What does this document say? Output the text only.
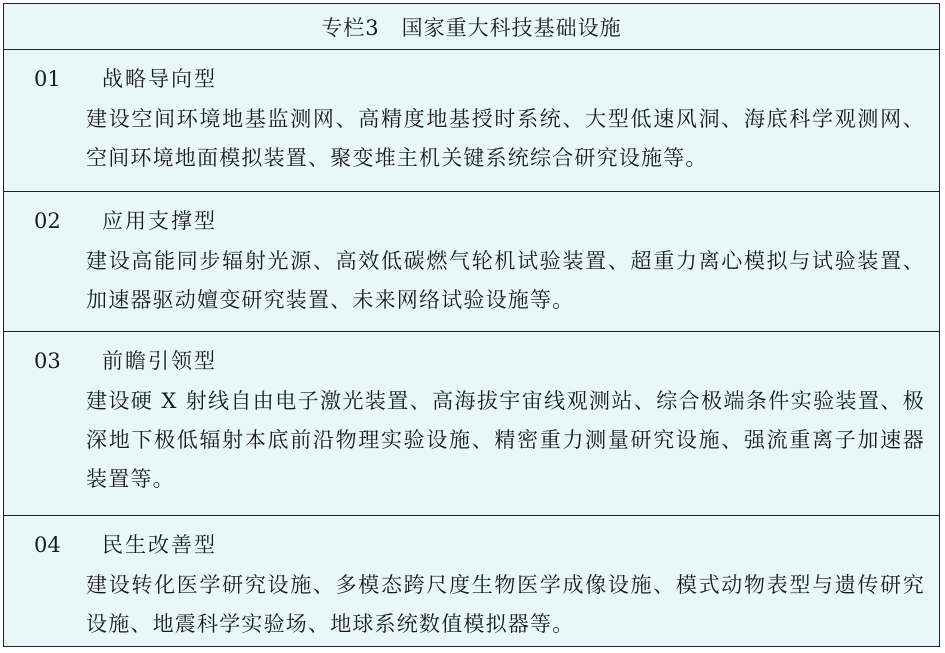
专栏3　国家重大科技基础设施
01	战略导向型
建设空间环境地基监测网、高精度地基授时系统、大型低速风洞、海底科学观测网、空间环境地面模拟装置、聚变堆主机关键系统综合研究设施等。
02	应用支撑型
建设高能同步辐射光源、高效低碳燃气轮机试验装置、超重力离心模拟与试验装置、加速器驱动嬗变研究装置、未来网络试验设施等。
03	前瞻引领型
建设硬 X 射线自由电子激光装置、高海拔宇宙线观测站、综合极端条件实验装置、极深地下极低辐射本底前沿物理实验设施、精密重力测量研究设施、强流重离子加速器装置等。
04	民生改善型
建设转化医学研究设施、多模态跨尺度生物医学成像设施、模式动物表型与遗传研究设施、地震科学实验场、地球系统数值模拟器等。
